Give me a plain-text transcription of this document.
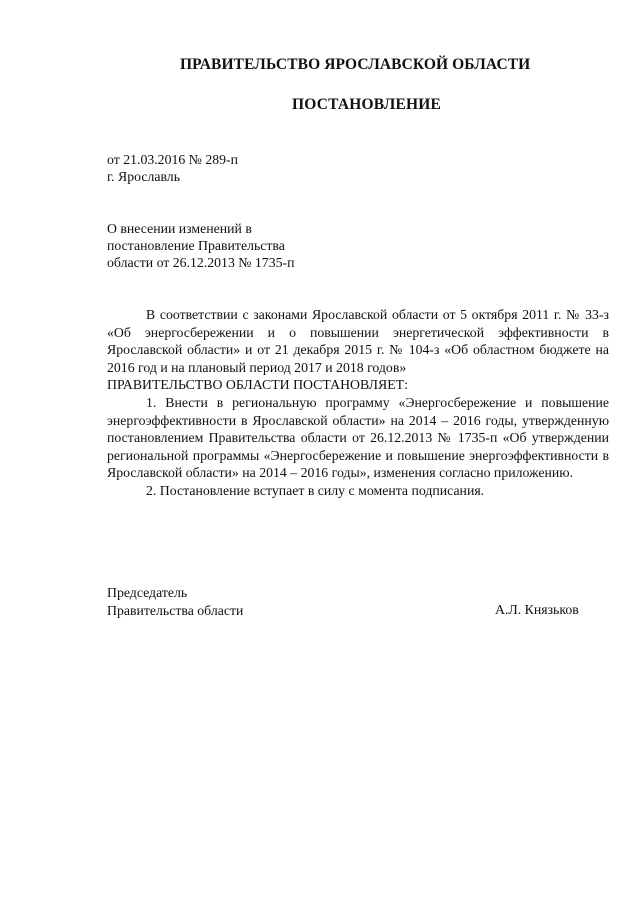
ПРАВИТЕЛЬСТВО ЯРОСЛАВСКОЙ ОБЛАСТИ
ПОСТАНОВЛЕНИЕ
от 21.03.2016 № 289-п
г. Ярославль
О внесении изменений в
постановление Правительства
области от 26.12.2013 № 1735-п

В соответствии с законами Ярославской области от 5 октября 2011 г. № 33-з «Об энергосбережении и о повышении энергетической эффективности в Ярославской области» и от 21 декабря 2015 г. № 104-з «Об областном бюджете на 2016 год и на плановый период 2017 и 2018 годов»

ПРАВИТЕЛЬСТВО ОБЛАСТИ ПОСТАНОВЛЯЕТ:

1. Внести в региональную программу «Энергосбережение и повышение энергоэффективности в Ярославской области» на 2014 – 2016 годы, утвержденную постановлением Правительства области от 26.12.2013 № 1735-п «Об утверждении региональной программы «Энергосбережение и повышение энергоэффективности в Ярославской области» на 2014 – 2016 годы», изменения согласно приложению.

2. Постановление вступает в силу с момента подписания.

Председатель
Правительства области	А.Л. Князьков
